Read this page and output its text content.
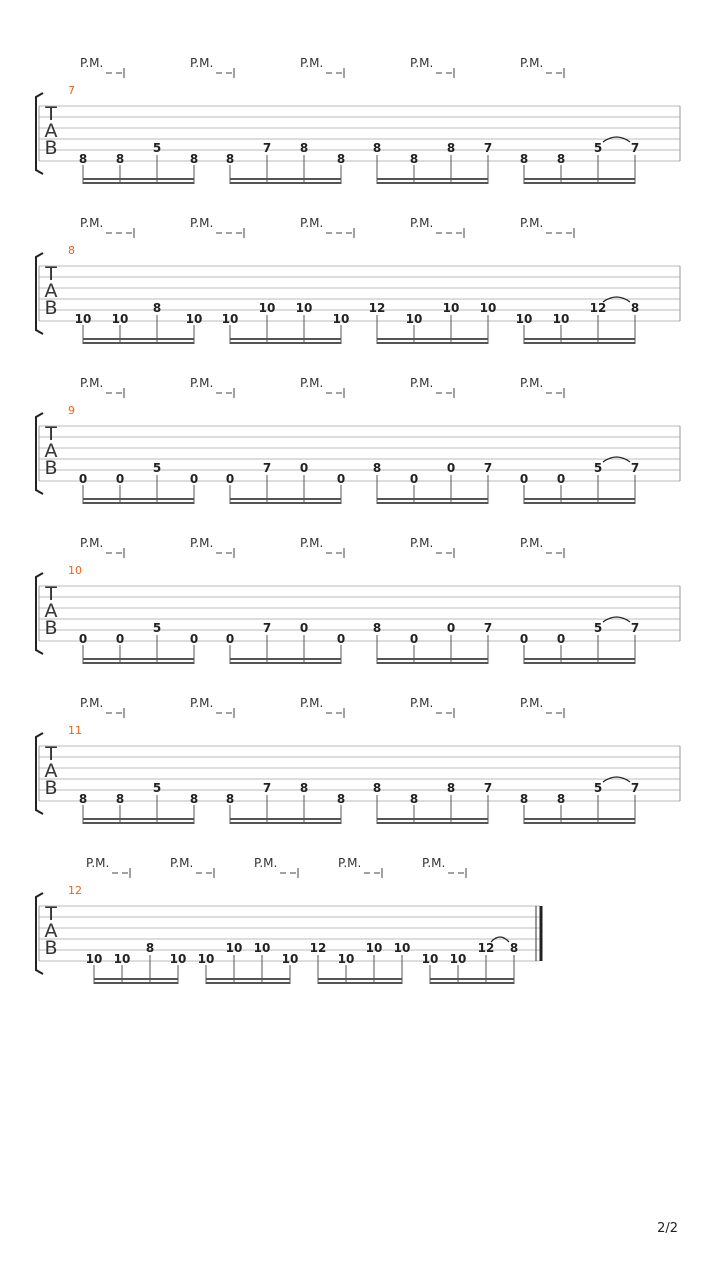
P.M.	P.M.	P.M.	P.M.	P.M.
7
T
A
B 8 8
5
8 8
7 8
8
8
8
8 7
8 8
5 7
P.M.	P.M.	P.M.	P.M.	P.M.
8
T
A
B 10 10
8
10 10
10 10
10
12
10
10 10
10 10
12 8
P.M.	P.M.	P.M.	P.M.	P.M.
9
T
A
B 0 0
5
0 0
7 0
0
8
0
0 7
0 0
5 7
P.M.	P.M.	P.M.	P.M.	P.M.
10
T
A
B 0 0
5
0 0
7 0
0
8
0
0 7
0 0
5 7
P.M.	P.M.	P.M.	P.M.	P.M.
11
T
A
B 8 8
5
8 8
7 8
8
8
8
8 7
8 8
5 7
P.M.	P.M.	P.M.	P.M.	P.M.
12
T
A
B 10 10
8
10 10
10 10
10
12
10
10 10
10 10
12 8
2/2
